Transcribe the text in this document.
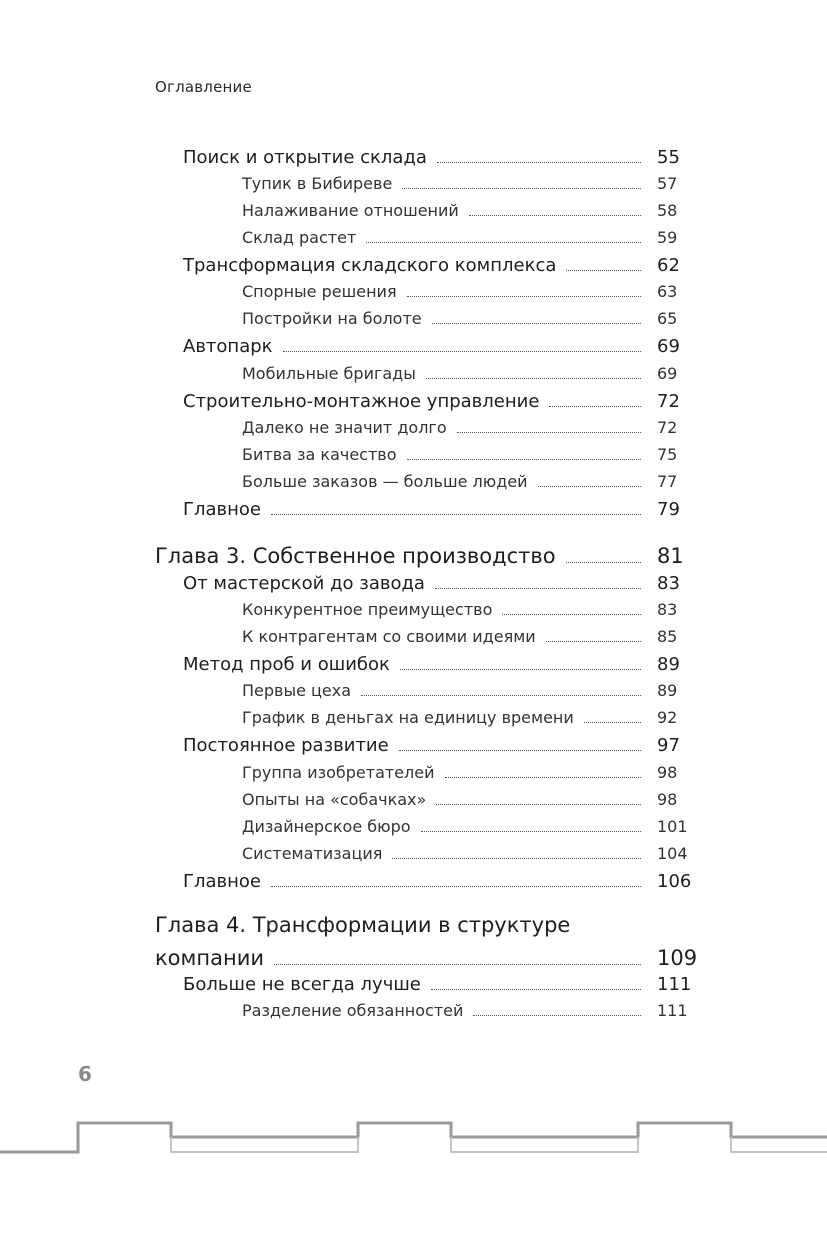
Оглавление
Поиск и открытие склада	55
Тупик в Бибиреве	57
Налаживание отношений	58
Склад растет	59
Трансформация складского комплекса	62
Спорные решения	63
Постройки на болоте	65
Автопарк	69
Мобильные бригады	69
Строительно-монтажное управление	72
Далеко не значит долго	72
Битва за качество	75
Больше заказов — больше людей	77
Главное	79
Глава 3. Собственное производство	81
От мастерской до завода	83
Конкурентное преимущество	83
К контрагентам со своими идеями	85
Метод проб и ошибок	89
Первые цеха	89
График в деньгах на единицу времени	92
Постоянное развитие	97
Группа изобретателей	98
Опыты на «собачках»	98
Дизайнерское бюро	101
Систематизация	104
Главное	106
Глава 4. Трансформации в структуре
компании	109
Больше не всегда лучше	111
Разделение обязанностей	111
6
